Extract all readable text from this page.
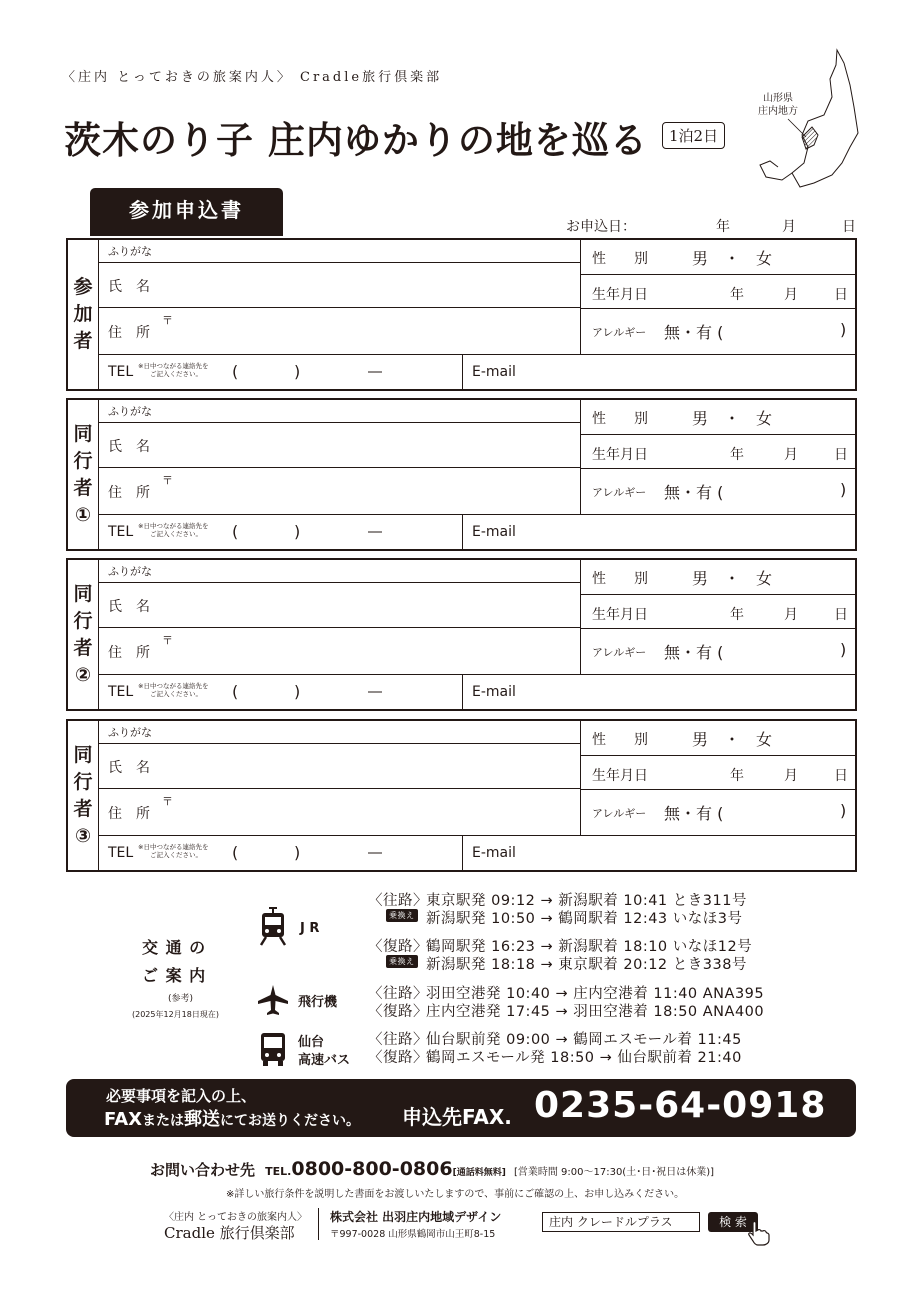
〈庄内 とっておきの旅案内人〉 Cradle旅行倶楽部
茨木のり子 庄内ゆかりの地を巡る	1泊2日
山形県
庄内地方
参加申込書
お申込日：	年	月	日
参
加
者
ふりがな
氏　名
住　所
〒
TEL ※日中つながる連絡先を
ご記入ください。 (	)	―	E-mail
性　　別	男　・　女
生年月日	年	月	日
アレルギー 無・有 (	)
同
行
者
①
ふりがな
氏　名
住　所
〒
TEL ※日中つながる連絡先を
ご記入ください。 (	)	―	E-mail
性　　別	男　・　女
生年月日	年	月	日
アレルギー 無・有 (	)
同
行
者
②
ふりがな
氏　名
住　所
〒
TEL ※日中つながる連絡先を
ご記入ください。 (	)	―	E-mail
性　　別	男　・　女
生年月日	年	月	日
アレルギー 無・有 (	)
同
行
者
③
ふりがな
氏　名
住　所
〒
TEL ※日中つながる連絡先を
ご記入ください。 (	)	―	E-mail
性　　別	男　・　女
生年月日	年	月	日
アレルギー 無・有 (	)
交 通 の
ご 案 内
(参考)
(2025年12月18日現在)
J R
飛行機
仙台
高速バス
〈往路〉
東京駅発 09:12 → 新潟駅着 10:41 とき311号
乗換え 新潟駅発 10:50 → 鶴岡駅着 12:43 いなほ3号
〈復路〉
鶴岡駅発 16:23 → 新潟駅着 18:10 いなほ12号
乗換え 新潟駅発 18:18 → 東京駅着 20:12 とき338号
〈往路〉
羽田空港発 10:40 → 庄内空港着 11:40 ANA395
〈復路〉
庄内空港発 17:45 → 羽田空港着 18:50 ANA400
〈往路〉
仙台駅前発 09:00 → 鶴岡エスモール着 11:45
〈復路〉
鶴岡エスモール発 18:50 → 仙台駅前着 21:40
必要事項を記入の上、
FAXまたは郵送にてお送りください。 申込先FAX. 0235-64-0918
お問い合わせ先 TEL.0800-800-0806[通話料無料] [営業時間 9:00～17:30(土･日･祝日は休業)]
※詳しい旅行条件を説明した書面をお渡しいたしますので、事前にご確認の上、お申し込みください。
〈庄内 とっておきの旅案内人〉
Cradle 旅行倶楽部
株式会社 出羽庄内地域デザイン
〒997-0028 山形県鶴岡市山王町8-15
庄内 クレードルプラス	検 索
